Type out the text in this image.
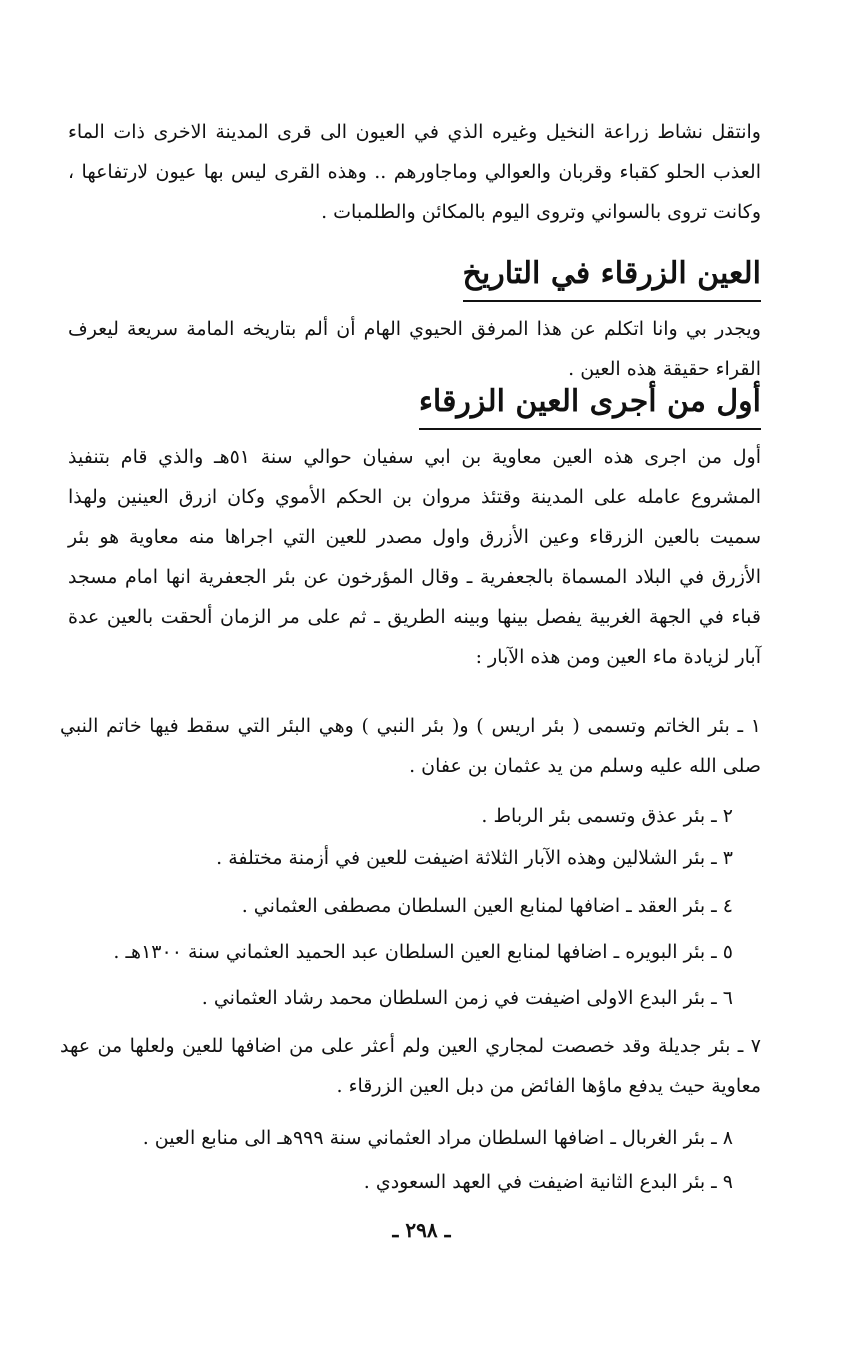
وانتقل نشاط زراعة النخيل وغيره الذي في العيون الى قرى المدينة الاخرى ذات الماء العذب الحلو كقباء وقربان والعوالي وماجاورهم .. وهذه القرى ليس بها عيون لارتفاعها ، وكانت تروى بالسواني وتروى اليوم بالمكائن والطلمبات .

العين الزرقاء في التاريخ

ويجدر بي وانا اتكلم عن هذا المرفق الحيوي الهام أن ألم بتاريخه المامة سريعة ليعرف القراء حقيقة هذه العين .

أول من أجرى العين الزرقاء

أول من اجرى هذه العين معاوية بن ابي سفيان حوالي سنة ٥١هـ والذي قام بتنفيذ المشروع عامله على المدينة وقتئذ مروان بن الحكم الأموي وكان ازرق العينين ولهذا سميت بالعين الزرقاء وعين الأزرق واول مصدر للعين التي اجراها منه معاوية هو بئر الأزرق في البلاد المسماة بالجعفرية ـ وقال المؤرخون عن بئر الجعفرية انها امام مسجد قباء في الجهة الغربية يفصل بينها وبينه الطريق ـ ثم على مر الزمان ألحقت بالعين عدة آبار لزيادة ماء العين ومن هذه الآبار :

١ ـ بئر الخاتم وتسمى ( بئر اريس ) و( بئر النبي ) وهي البئر التي سقط فيها خاتم النبي صلى الله عليه وسلم من يد عثمان بن عفان .

٢ ـ بئر عذق وتسمى بئر الرباط .

٣ ـ بئر الشلالين وهذه الآبار الثلاثة اضيفت للعين في أزمنة مختلفة .

٤ ـ بئر العقد ـ اضافها لمنابع العين السلطان مصطفى العثماني .

٥ ـ بئر البويره ـ اضافها لمنابع العين السلطان عبد الحميد العثماني سنة ١٣٠٠هـ .

٦ ـ بئر البدع الاولى اضيفت في زمن السلطان محمد رشاد العثماني .

٧ ـ بئر جديلة وقد خصصت لمجاري العين ولم أعثر على من اضافها للعين ولعلها من عهد معاوية حيث يدفع ماؤها الفائض من دبل العين الزرقاء .

٨ ـ بئر الغربال ـ اضافها السلطان مراد العثماني سنة ٩٩٩هـ الى منابع العين .

٩ ـ بئر البدع الثانية اضيفت في العهد السعودي .

ـ ٢٩٨ ـ
